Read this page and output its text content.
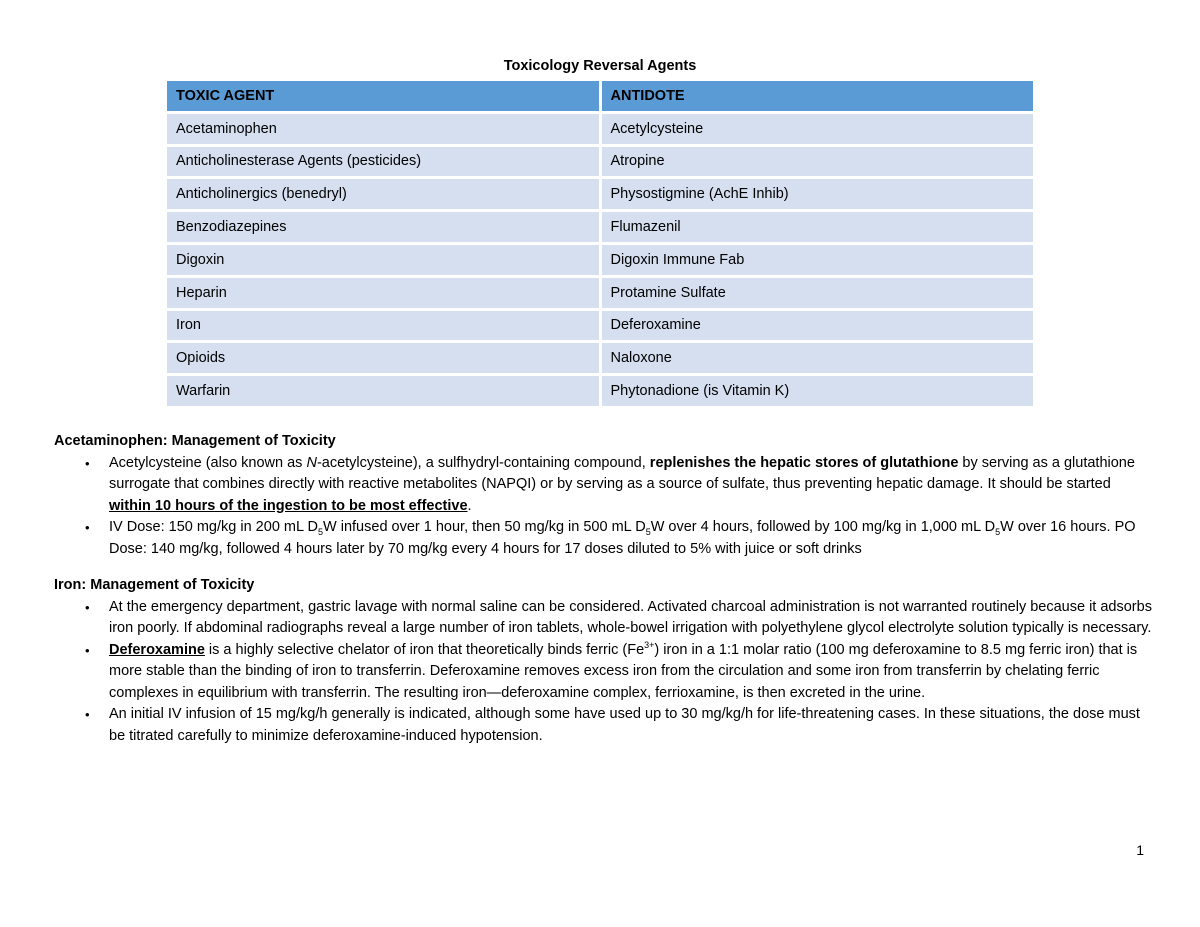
Toxicology Reversal Agents
TOXIC AGENT	ANTIDOTE
Acetaminophen	Acetylcysteine
Anticholinesterase Agents (pesticides)	Atropine
Anticholinergics (benedryl)	Physostigmine (AchE Inhib)
Benzodiazepines	Flumazenil
Digoxin	Digoxin Immune Fab
Heparin	Protamine Sulfate
Iron	Deferoxamine
Opioids	Naloxone
Warfarin	Phytonadione (is Vitamin K)

Acetaminophen: Management of Toxicity

• Acetylcysteine (also known as N-acetylcysteine), a sulfhydryl-containing compound, replenishes the hepatic stores of glutathione by serving as a glutathione surrogate that combines directly with reactive metabolites (NAPQI) or by serving as a source of sulfate, thus preventing hepatic damage. It should be started within 10 hours of the ingestion to be most effective.
• IV Dose: 150 mg/kg in 200 mL $D_5W$ infused over 1 hour, then 50 mg/kg in 500 mL $D_5W$ over 4 hours, followed by 100 mg/kg in 1,000 mL $D_5W$ over 16 hours. PO Dose: 140 mg/kg, followed 4 hours later by 70 mg/kg every 4 hours for 17 doses diluted to 5% with juice or soft drinks

Iron: Management of Toxicity

• At the emergency department, gastric lavage with normal saline can be considered. Activated charcoal administration is not warranted routinely because it adsorbs iron poorly. If abdominal radiographs reveal a large number of iron tablets, whole-bowel irrigation with polyethylene glycol electrolyte solution typically is necessary.
• Deferoxamine is a highly selective chelator of iron that theoretically binds ferric $(Fe^{3+})$ iron in a 1:1 molar ratio (100 mg deferoxamine to 8.5 mg ferric iron) that is more stable than the binding of iron to transferrin. Deferoxamine removes excess iron from the circulation and some iron from transferrin by chelating ferric complexes in equilibrium with transferrin. The resulting iron—deferoxamine complex, ferrioxamine, is then excreted in the urine.
• An initial IV infusion of 15 mg/kg/h generally is indicated, although some have used up to 30 mg/kg/h for life-threatening cases. In these situations, the dose must be titrated carefully to minimize deferoxamine-induced hypotension.
1
